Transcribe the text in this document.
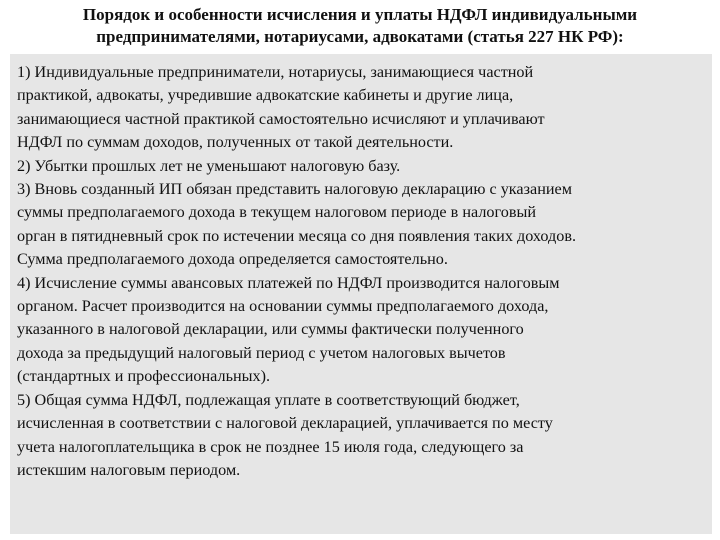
Порядок и особенности исчисления и уплаты НДФЛ индивидуальными
предпринимателями, нотариусами, адвокатами (статья 227 НК РФ):
1) Индивидуальные предприниматели, нотариусы, занимающиеся частной
практикой, адвокаты, учредившие адвокатские кабинеты и другие лица,
занимающиеся частной практикой самостоятельно исчисляют и уплачивают
НДФЛ по суммам доходов, полученных от такой деятельности.
2) Убытки прошлых лет не уменьшают налоговую базу.
3) Вновь созданный ИП обязан представить налоговую декларацию с указанием
суммы предполагаемого дохода в текущем налоговом периоде в налоговый
орган в пятидневный срок по истечении месяца со дня появления таких доходов.
Сумма предполагаемого дохода определяется самостоятельно.
4) Исчисление суммы авансовых платежей по НДФЛ производится налоговым
органом. Расчет производится на основании суммы предполагаемого дохода,
указанного в налоговой декларации, или суммы фактически полученного
дохода за предыдущий налоговый период с учетом налоговых вычетов
(стандартных и профессиональных).
5) Общая сумма НДФЛ, подлежащая уплате в соответствующий бюджет,
исчисленная в соответствии с налоговой декларацией, уплачивается по месту
учета налогоплательщика в срок не позднее 15 июля года, следующего за
истекшим налоговым периодом.
